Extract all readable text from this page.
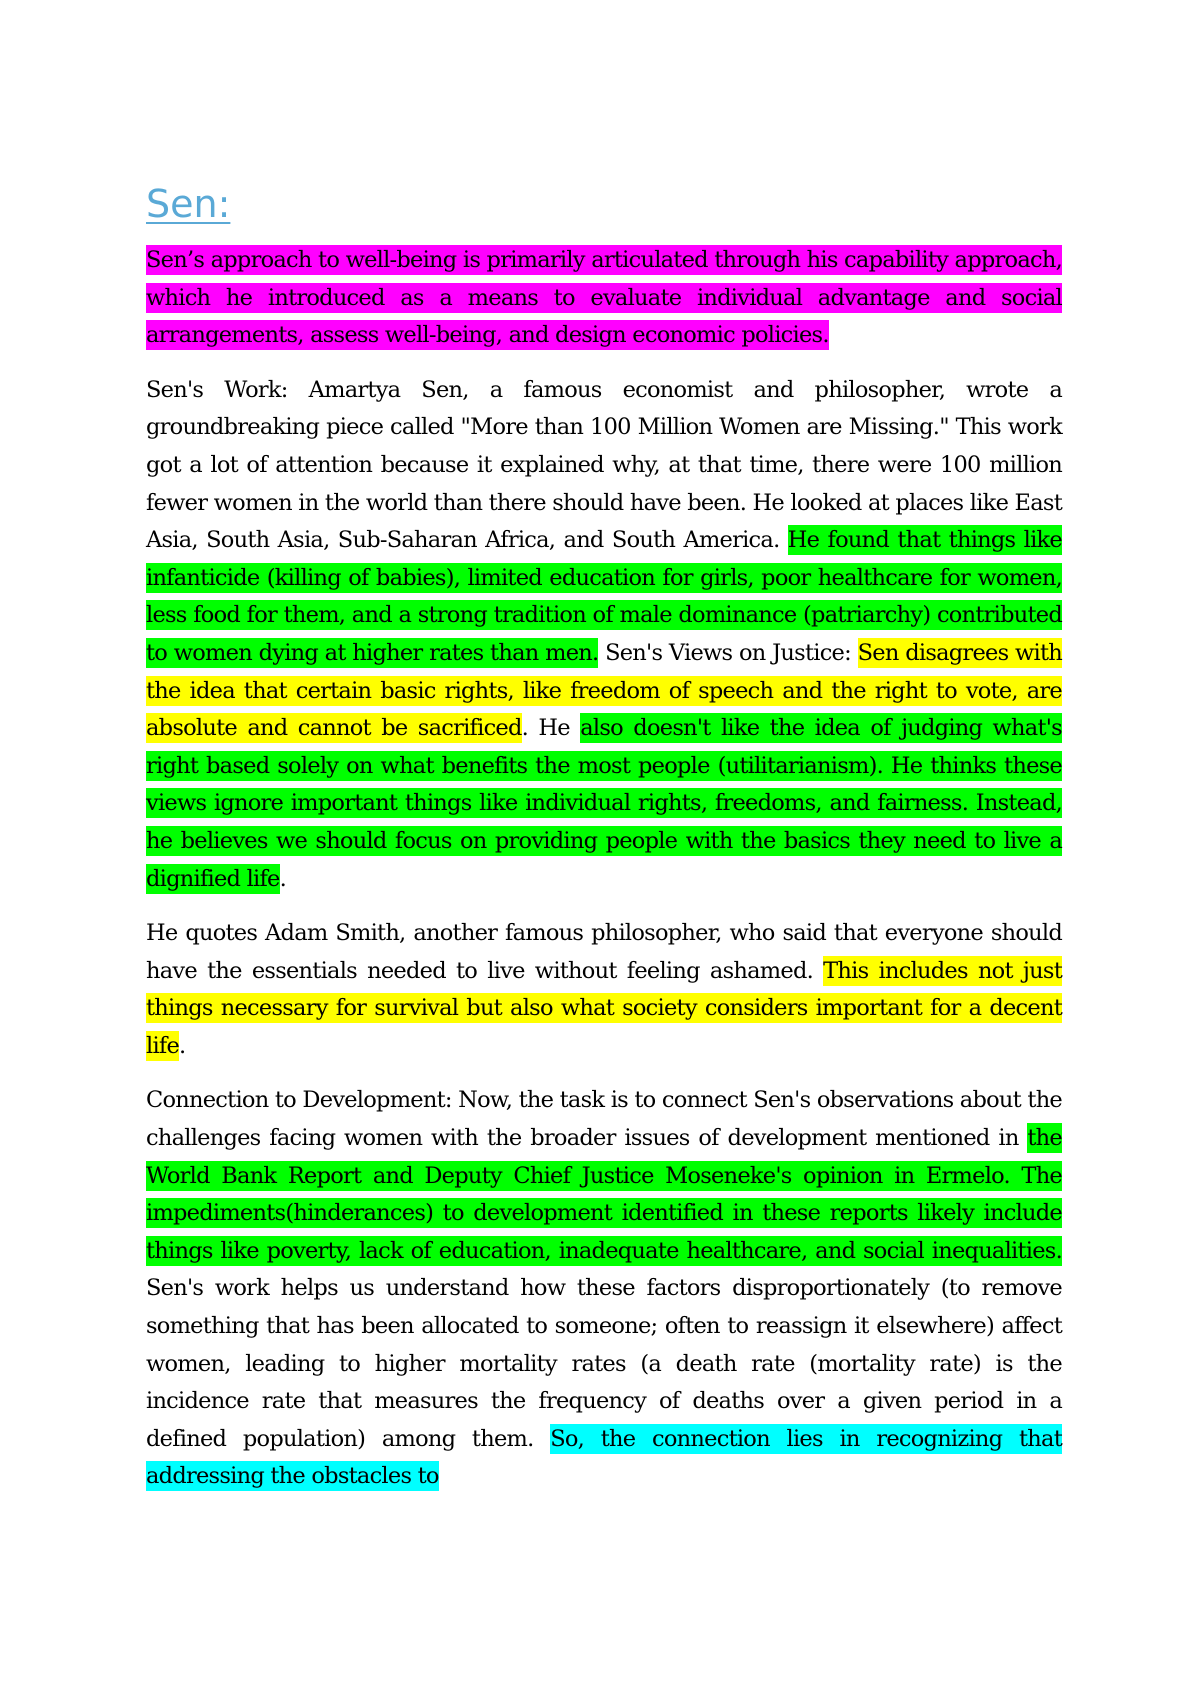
Sen:

Sen’s approach to well-being is primarily articulated through his capability approach, which he introduced as a means to evaluate individual advantage and social arrangements, assess well-being, and design economic policies.

Sen's Work: Amartya Sen, a famous economist and philosopher, wrote a groundbreaking piece called "More than 100 Million Women are Missing." This work got a lot of attention because it explained why, at that time, there were 100 million fewer women in the world than there should have been. He looked at places like East Asia, South Asia, Sub-Saharan Africa, and South America. He found that things like infanticide (killing of babies), limited education for girls, poor healthcare for women, less food for them, and a strong tradition of male dominance (patriarchy) contributed to women dying at higher rates than men. Sen's Views on Justice: Sen disagrees with the idea that certain basic rights, like freedom of speech and the right to vote, are absolute and cannot be sacrificed. He also doesn't like the idea of judging what's right based solely on what benefits the most people (utilitarianism). He thinks these views ignore important things like individual rights, freedoms, and fairness. Instead, he believes we should focus on providing people with the basics they need to live a dignified life.

He quotes Adam Smith, another famous philosopher, who said that everyone should have the essentials needed to live without feeling ashamed. This includes not just things necessary for survival but also what society considers important for a decent life.

Connection to Development: Now, the task is to connect Sen's observations about the challenges facing women with the broader issues of development mentioned in the World Bank Report and Deputy Chief Justice Moseneke's opinion in Ermelo. The impediments(hinderances) to development identified in these reports likely include things like poverty, lack of education, inadequate healthcare, and social inequalities. Sen's work helps us understand how these factors disproportionately (to remove something that has been allocated to someone; often to reassign it elsewhere) affect women, leading to higher mortality rates (a death rate (mortality rate) is the incidence rate that measures the frequency of deaths over a given period in a defined population) among them. So, the connection lies in recognizing that addressing the obstacles to
